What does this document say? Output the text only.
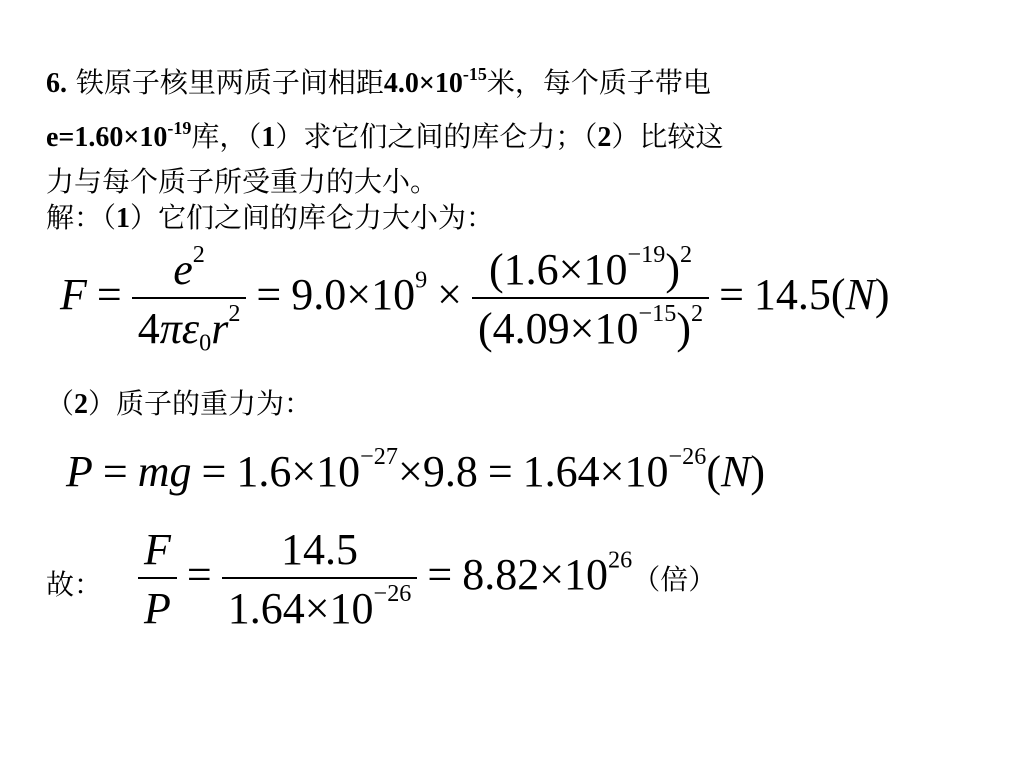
6. 铁原子核里两质子间相距$4.0\times 10^{-15}$米，每个质子带电
$e=1.60\times 10^{-19}$库，（1）求它们之间的库仑力；（2）比较这
力与每个质子所受重力的大小。
解：（1）它们之间的库仑力大小为：
$F = \frac{e^2}{4\pi\varepsilon_0r^2} = 9.0\times 10^9 \times \frac{(1.6\times 10^{-19})^2}{(4.09\times 10^{-15})^2} = 14.5(N)$
（2）质子的重力为：
P = mg = $1.6\times 10^{-27}\times 9.8 = 1.64\times 10^{-26}(N)$
故： $\frac{F}{P} = \frac{14.5}{1.64\times 10^{-26}} = 8.82\times 10^{26}$（倍）
